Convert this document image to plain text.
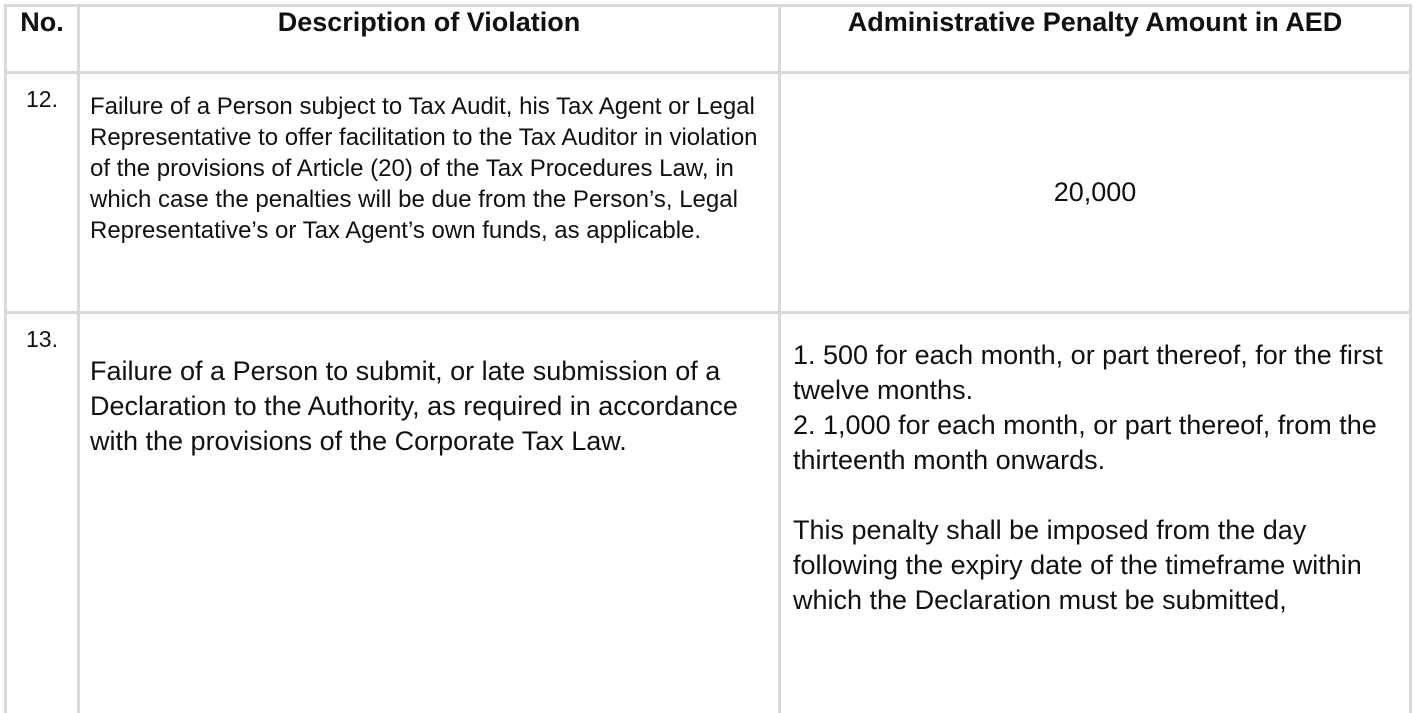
No.	Description of Violation	Administrative Penalty Amount in AED
12.	Failure of a Person subject to Tax Audit, his Tax Agent or Legal Representative to offer facilitation to the Tax Auditor in violation of the provisions of Article (20) of the Tax Procedures Law, in which case the penalties will be due from the Person’s, Legal Representative’s or Tax Agent’s own funds, as applicable.	20,000
13.	Failure of a Person to submit, or late submission of a Declaration to the Authority, as required in accordance with the provisions of the Corporate Tax Law.	1. 500 for each month, or part thereof, for the first twelve months.
2. 1,000 for each month, or part thereof, from the thirteenth month onwards.
This penalty shall be imposed from the day following the expiry date of the timeframe within which the Declaration must be submitted,
